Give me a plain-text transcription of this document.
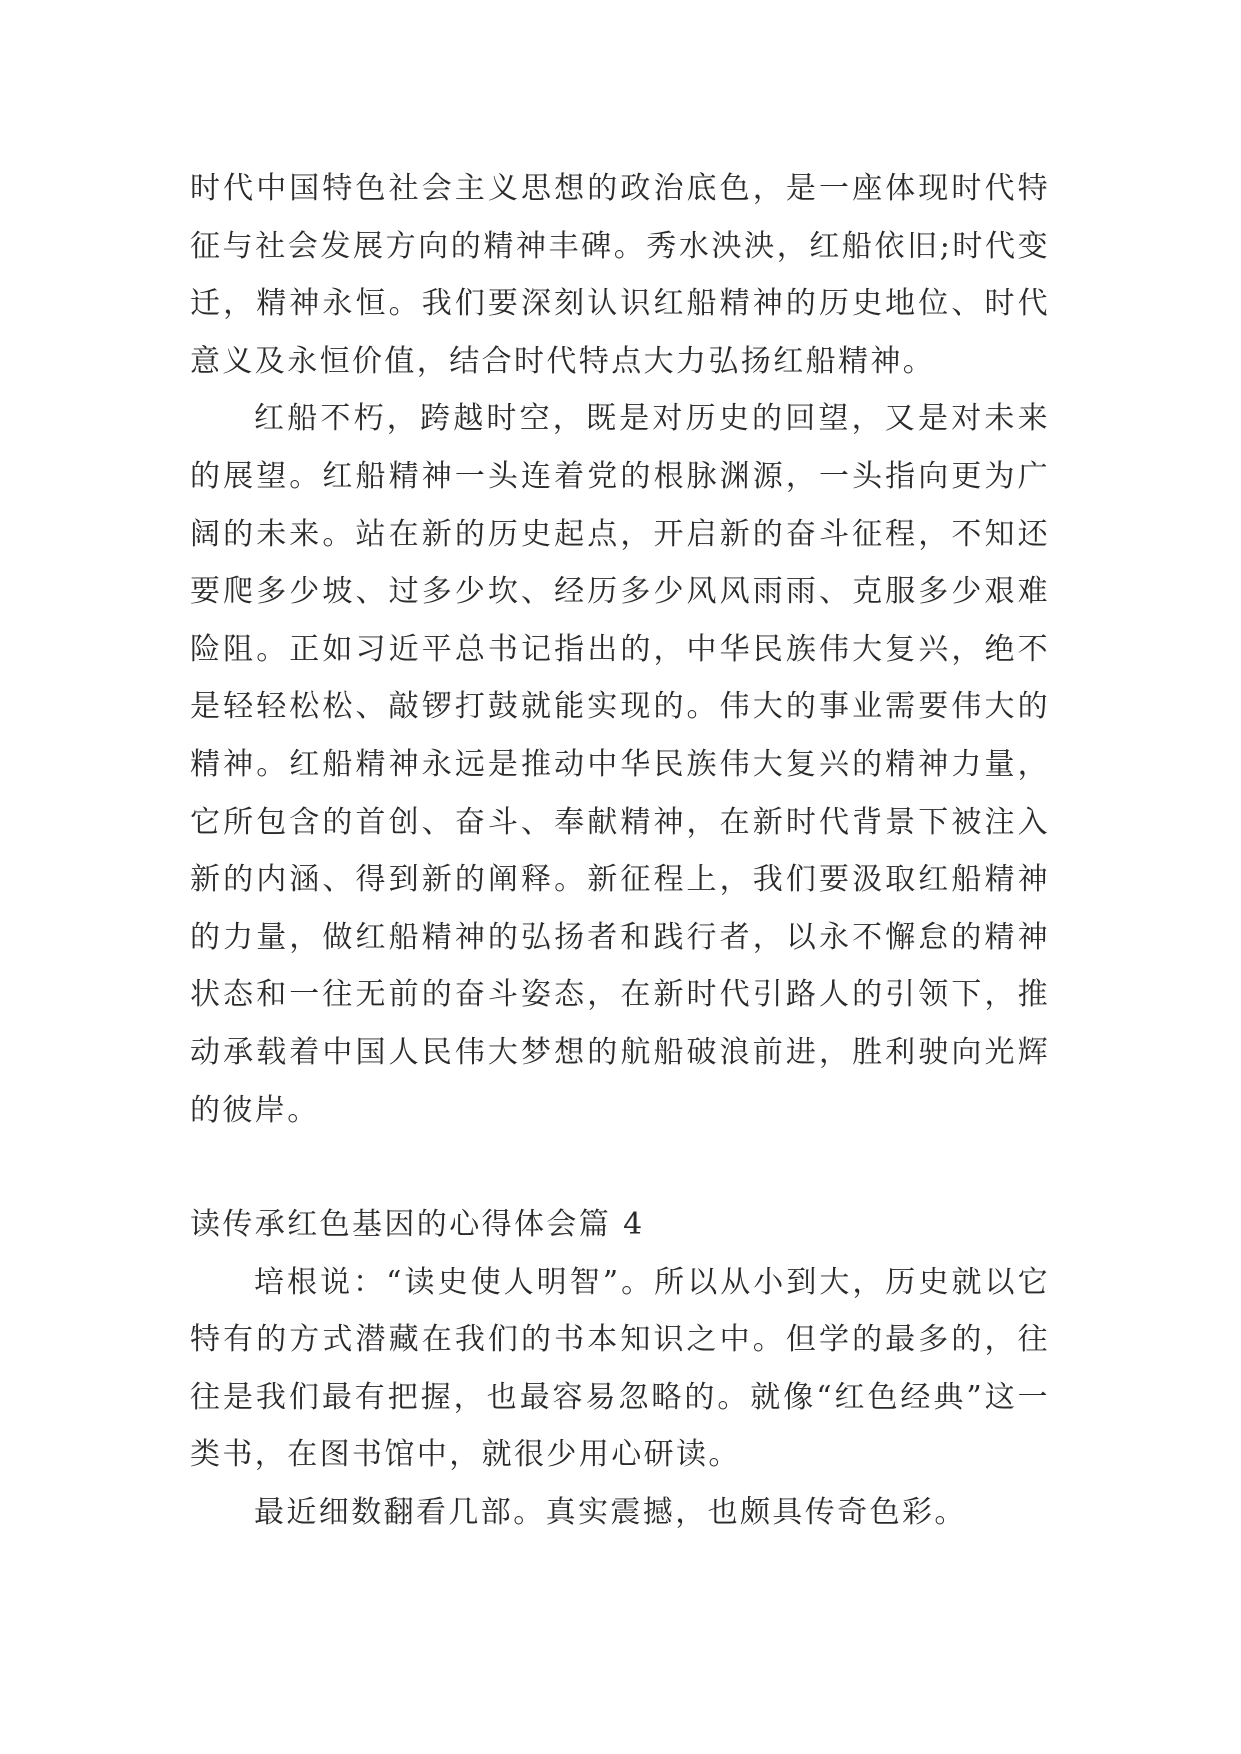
时代中国特色社会主义思想的政治底色，是一座体现时代特征与社会发展方向的精神丰碑。秀水泱泱，红船依旧;时代变迁，精神永恒。我们要深刻认识红船精神的历史地位、时代意义及永恒价值，结合时代特点大力弘扬红船精神。

红船不朽，跨越时空，既是对历史的回望，又是对未来的展望。红船精神一头连着党的根脉渊源，一头指向更为广阔的未来。站在新的历史起点，开启新的奋斗征程，不知还要爬多少坡、过多少坎、经历多少风风雨雨、克服多少艰难险阻。正如习近平总书记指出的，中华民族伟大复兴，绝不是轻轻松松、敲锣打鼓就能实现的。伟大的事业需要伟大的精神。红船精神永远是推动中华民族伟大复兴的精神力量，它所包含的首创、奋斗、奉献精神，在新时代背景下被注入新的内涵、得到新的阐释。新征程上，我们要汲取红船精神的力量，做红船精神的弘扬者和践行者，以永不懈怠的精神状态和一往无前的奋斗姿态，在新时代引路人的引领下，推动承载着中国人民伟大梦想的航船破浪前进，胜利驶向光辉的彼岸。

读传承红色基因的心得体会篇 4

培根说：“读史使人明智”。所以从小到大，历史就以它特有的方式潜藏在我们的书本知识之中。但学的最多的，往往是我们最有把握，也最容易忽略的。就像“红色经典”这一类书，在图书馆中，就很少用心研读。

最近细数翻看几部。真实震撼，也颇具传奇色彩。
